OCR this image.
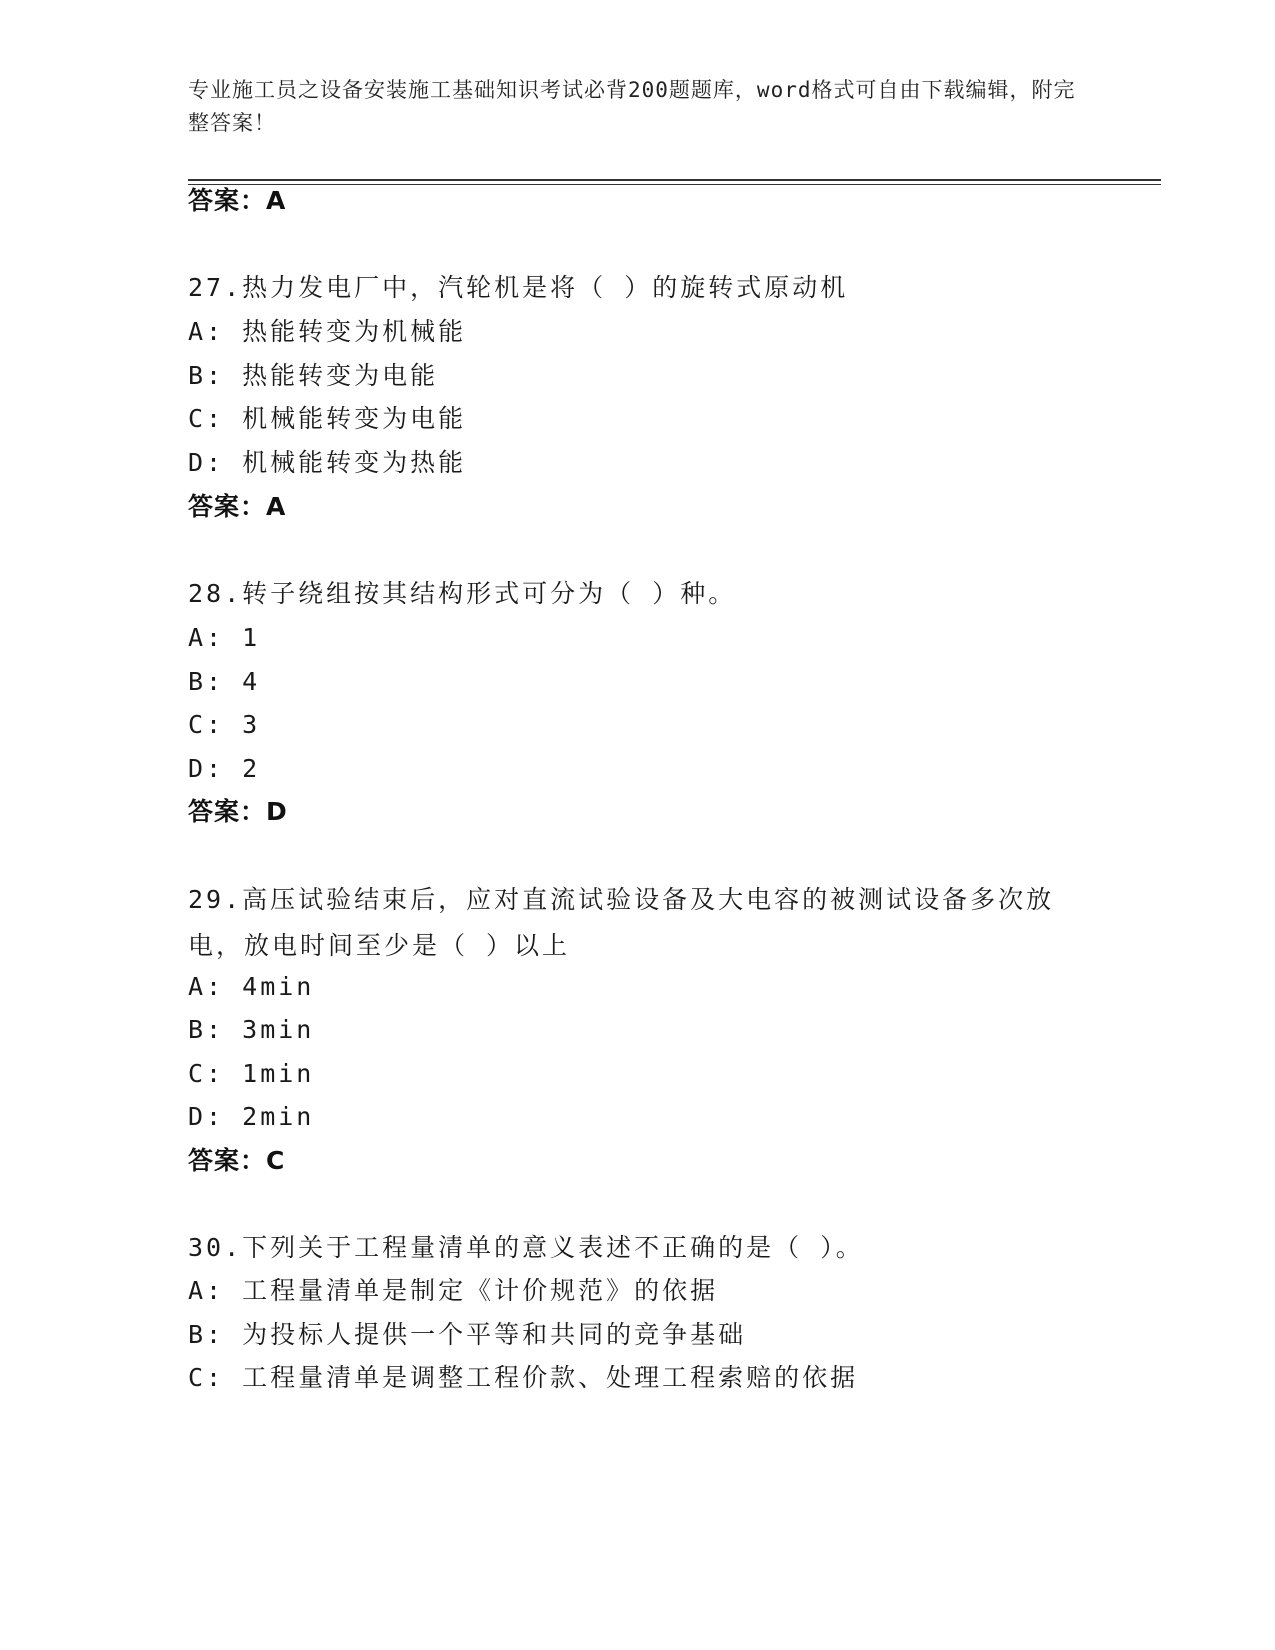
专业施工员之设备安装施工基础知识考试必背200题题库，word格式可自由下载编辑，附完整答案！
答案：A
27.热力发电厂中，汽轮机是将（ ）的旋转式原动机
A: 热能转变为机械能
B: 热能转变为电能
C: 机械能转变为电能
D: 机械能转变为热能
答案：A
28.转子绕组按其结构形式可分为（ ）种。
A: 1
B: 4
C: 3
D: 2
答案：D
29.高压试验结束后，应对直流试验设备及大电容的被测试设备多次放电，放电时间至少是（ ）以上
A: 4min
B: 3min
C: 1min
D: 2min
答案：C
30.下列关于工程量清单的意义表述不正确的是（ ）。
A: 工程量清单是制定《计价规范》的依据
B: 为投标人提供一个平等和共同的竞争基础
C: 工程量清单是调整工程价款、处理工程索赔的依据
